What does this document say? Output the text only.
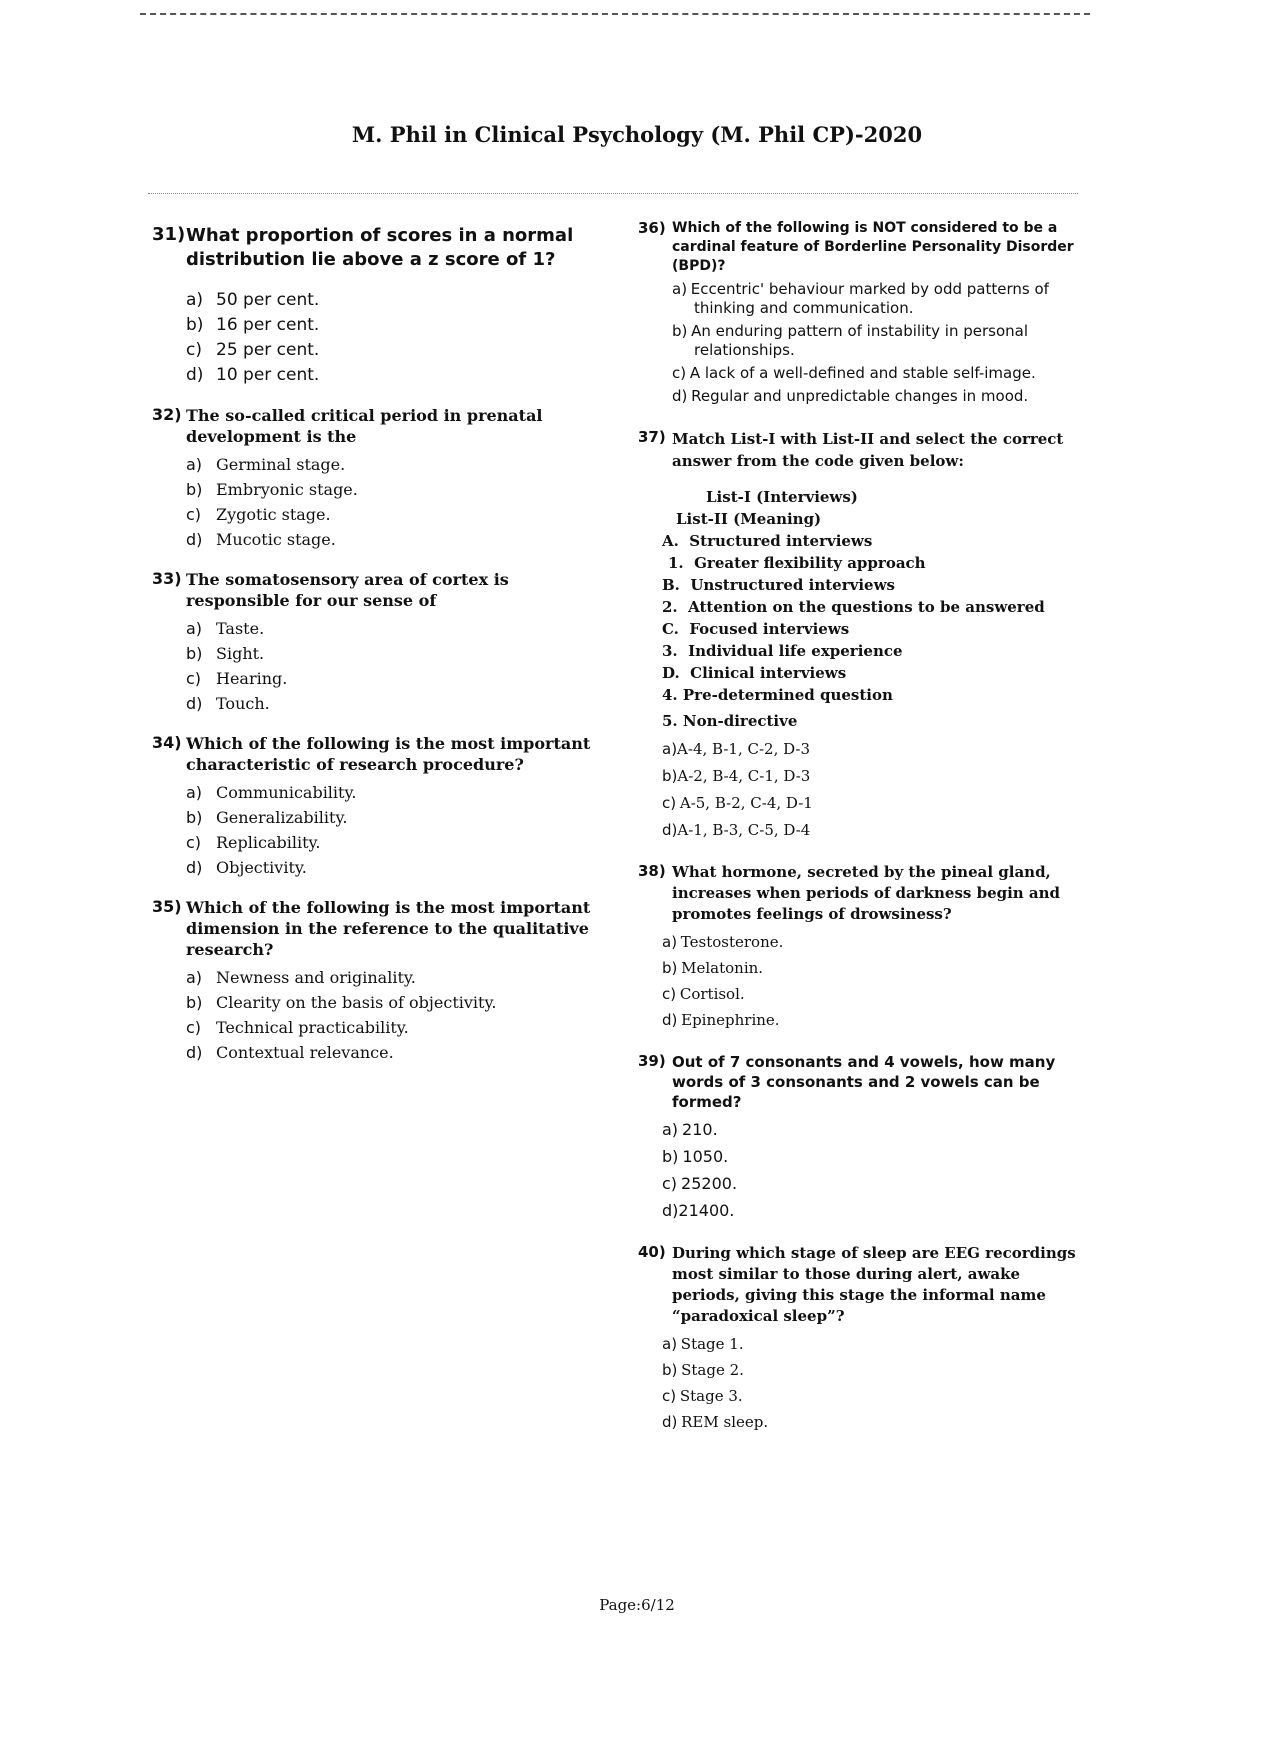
M. Phil in Clinical Psychology (M. Phil CP)-2020
31) What proportion of scores in a normal distribution lie above a z score of 1?
a) 50 per cent.
b) 16 per cent.
c) 25 per cent.
d) 10 per cent.
32) The so-called critical period in prenatal development is the
a) Germinal stage.
b) Embryonic stage.
c) Zygotic stage.
d) Mucotic stage.
33) The somatosensory area of cortex is responsible for our sense of
a) Taste.
b) Sight.
c) Hearing.
d) Touch.
34) Which of the following is the most important characteristic of research procedure?
a) Communicability.
b) Generalizability.
c) Replicability.
d) Objectivity.
35) Which of the following is the most important dimension in the reference to the qualitative research?
a) Newness and originality.
b) Clearity on the basis of objectivity.
c) Technical practicability.
d) Contextual relevance.
36) Which of the following is NOT considered to be a cardinal feature of Borderline Personality Disorder (BPD)?
a) Eccentric' behaviour marked by odd patterns of thinking and communication.
b) An enduring pattern of instability in personal relationships.
c) A lack of a well-defined and stable self-image.
d) Regular and unpredictable changes in mood.
37) Match List-I with List-II and select the correct answer from the code given below:
List-I (Interviews)
List-II (Meaning)
A.  Structured interviews
1.  Greater flexibility approach
B.  Unstructured interviews
2.  Attention on the questions to be answered
C.  Focused interviews
3.  Individual life experience
D.  Clinical interviews
4. Pre-determined question
5. Non-directive
a)A-4, B-1, C-2, D-3
b)A-2, B-4, C-1, D-3
c) A-5, B-2, C-4, D-1
d)A-1, B-3, C-5, D-4
38) What hormone, secreted by the pineal gland, increases when periods of darkness begin and promotes feelings of drowsiness?
a) Testosterone.
b) Melatonin.
c) Cortisol.
d) Epinephrine.
39) Out of 7 consonants and 4 vowels, how many words of 3 consonants and 2 vowels can be formed?
a) 210.
b) 1050.
c) 25200.
d)21400.
40) During which stage of sleep are EEG recordings most similar to those during alert, awake periods, giving this stage the informal name “paradoxical sleep”?
a) Stage 1.
b) Stage 2.
c) Stage 3.
d) REM sleep.
Page:6/12
